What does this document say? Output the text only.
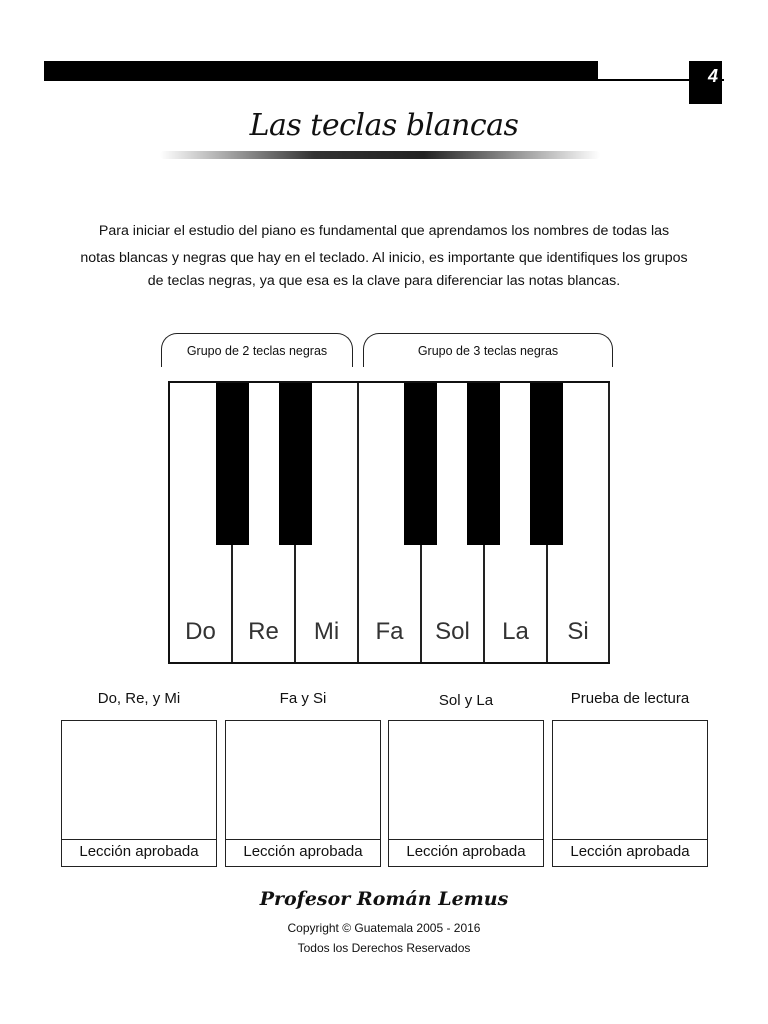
4
Las teclas blancas

Para iniciar el estudio del piano es fundamental que aprendamos los nombres de todas las

notas blancas y negras que hay en el teclado. Al inicio, es importante que identifiques los grupos

de teclas negras, ya que esa es la clave para diferenciar las notas blancas.

Grupo de 2 teclas negras	Grupo de 3 teclas negras
Do	Re	Mi	Fa	Sol	La	Si
Do, Re, y Mi	Fa y Si	Sol y La	Prueba de lectura
Lección aprobada	Lección aprobada	Lección aprobada	Lección aprobada
Profesor Román Lemus
Copyright © Guatemala 2005 - 2016
Todos los Derechos Reservados
